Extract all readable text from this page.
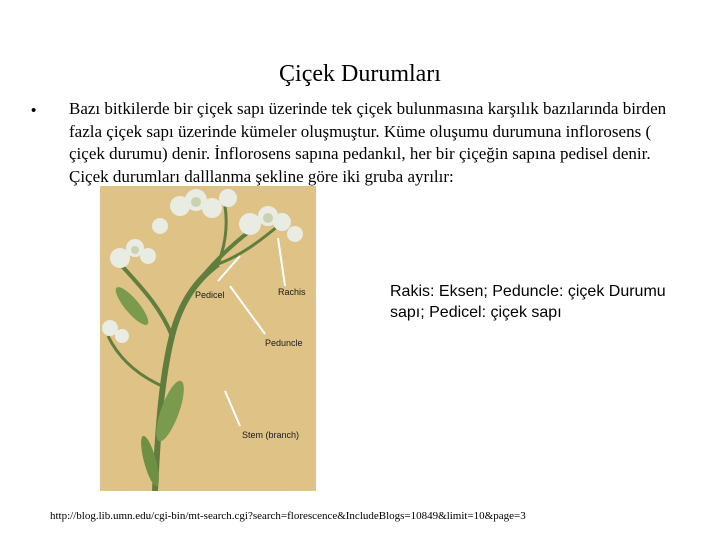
Çiçek Durumları
• Bazı bitkilerde bir çiçek sapı üzerinde tek çiçek bulunmasına karşılık bazılarında birden fazla çiçek sapı üzerinde kümeler oluşmuştur. Küme oluşumu durumuna inflorosens ( çiçek durumu) denir. İnflorosens sapına pedankıl, her bir çiçeğin sapına pedisel denir. Çiçek durumları dalllanma şekline göre iki gruba ayrılır:
Pedicel	Rachis
Peduncle
Stem (branch)
Rakis: Eksen; Peduncle: çiçek Durumu sapı; Pedicel: çiçek sapı
http://blog.lib.umn.edu/cgi-bin/mt-search.cgi?search=florescence&IncludeBlogs=10849&limit=10&page=3
